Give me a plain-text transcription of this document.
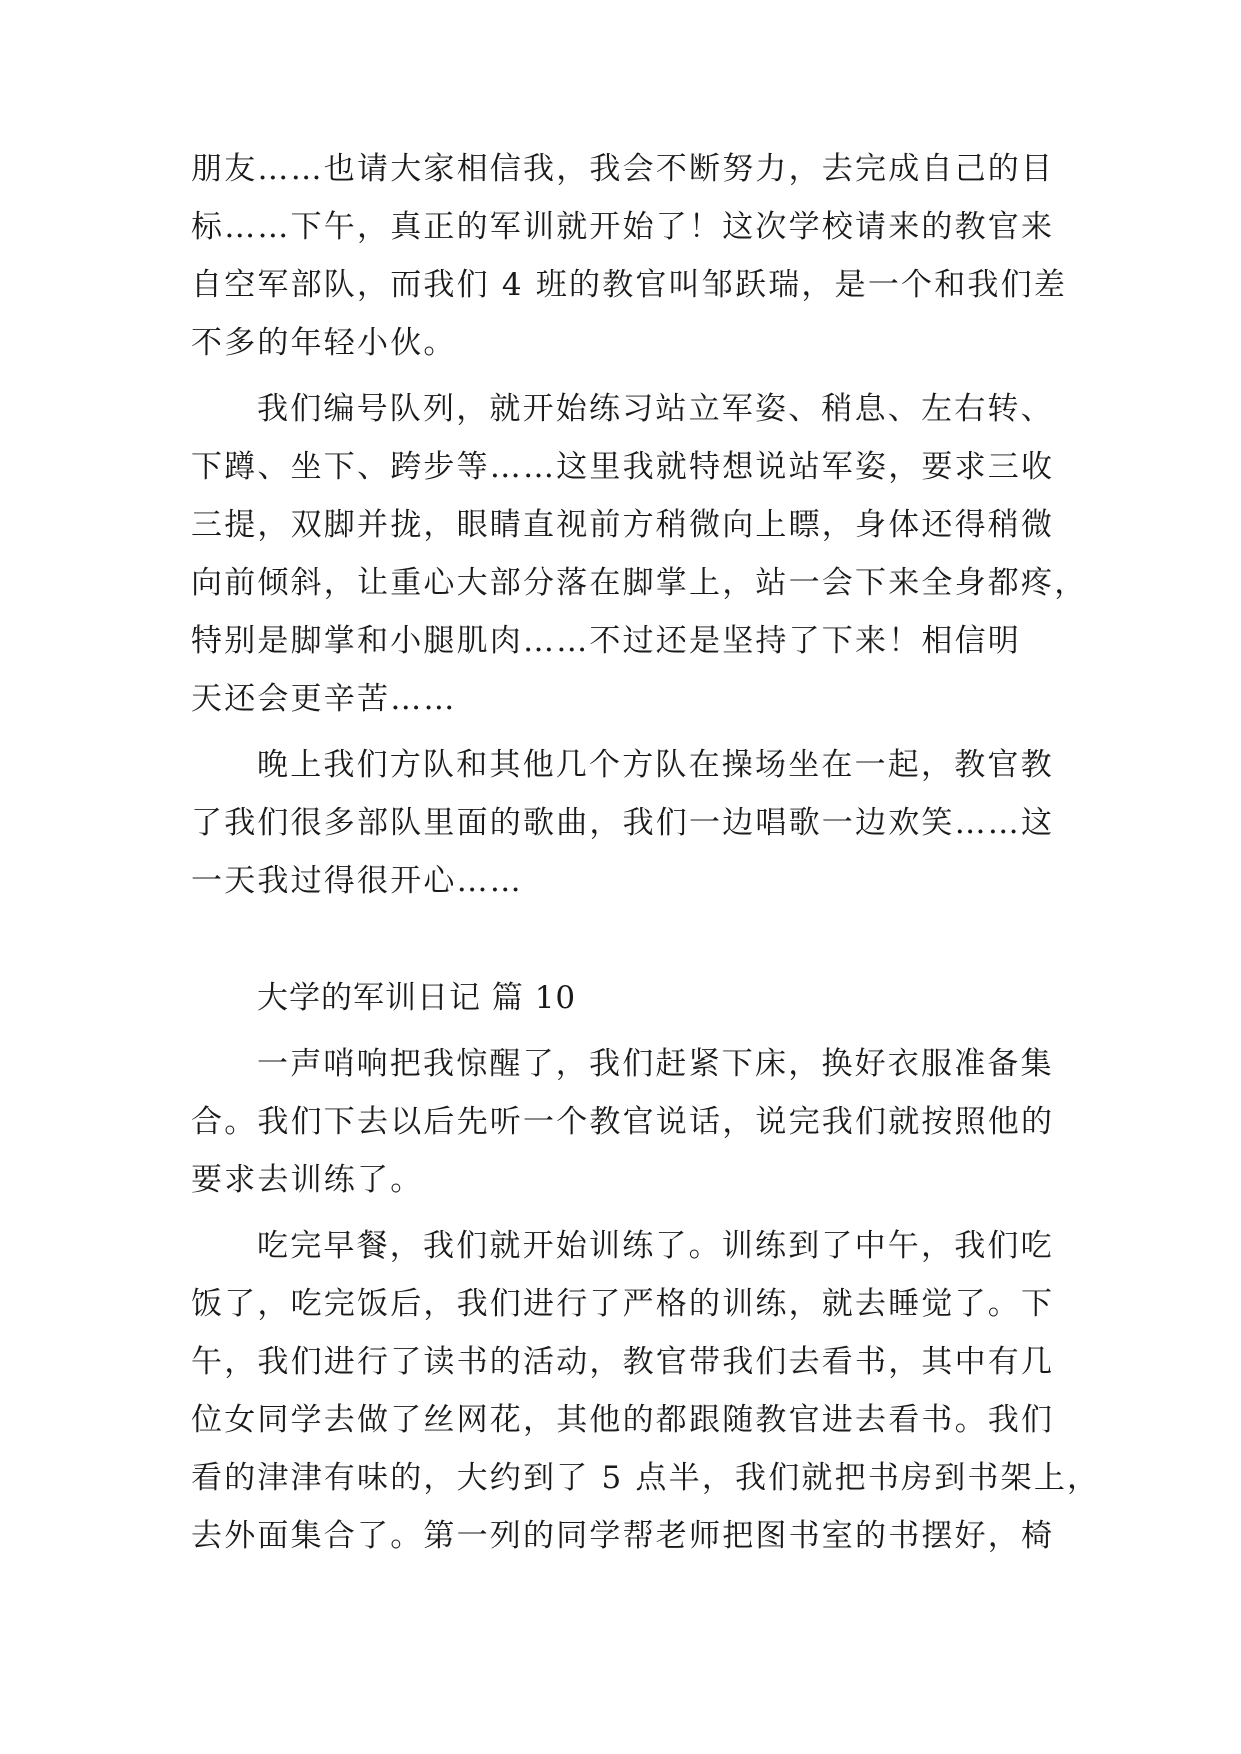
朋友……也请大家相信我，我会不断努力，去完成自己的目

标……下午，真正的军训就开始了！这次学校请来的教官来

自空军部队，而我们 4 班的教官叫邹跃瑞，是一个和我们差

不多的年轻小伙。

我们编号队列，就开始练习站立军姿、稍息、左右转、

下蹲、坐下、跨步等……这里我就特想说站军姿，要求三收

三提，双脚并拢，眼睛直视前方稍微向上瞟，身体还得稍微

向前倾斜，让重心大部分落在脚掌上，站一会下来全身都疼，

特别是脚掌和小腿肌肉……不过还是坚持了下来！相信明

天还会更辛苦……

晚上我们方队和其他几个方队在操场坐在一起，教官教

了我们很多部队里面的歌曲，我们一边唱歌一边欢笑……这

一天我过得很开心……

大学的军训日记 篇 10

一声哨响把我惊醒了，我们赶紧下床，换好衣服准备集

合。我们下去以后先听一个教官说话，说完我们就按照他的

要求去训练了。

吃完早餐，我们就开始训练了。训练到了中午，我们吃

饭了，吃完饭后，我们进行了严格的训练，就去睡觉了。下

午，我们进行了读书的活动，教官带我们去看书，其中有几

位女同学去做了丝网花，其他的都跟随教官进去看书。我们

看的津津有味的，大约到了 5 点半，我们就把书房到书架上，

去外面集合了。第一列的同学帮老师把图书室的书摆好，椅
